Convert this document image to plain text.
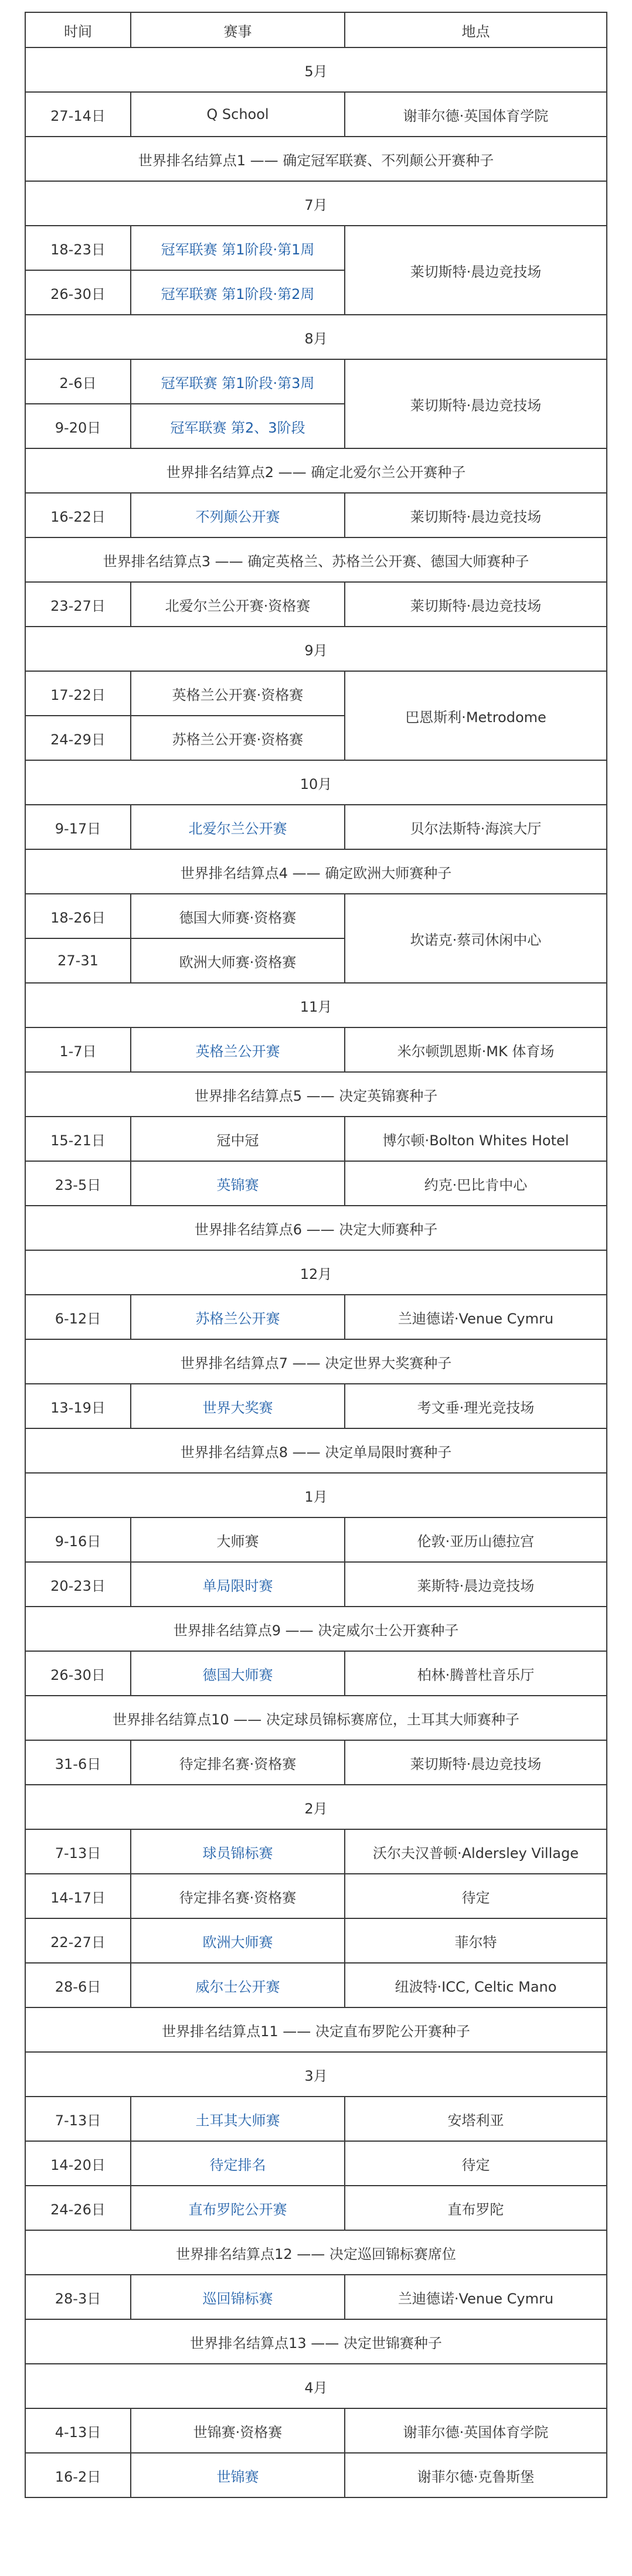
时间	赛事	地点
5月		
27-14日	Q School	谢菲尔德·英国体育学院
世界排名结算点1 —— 确定冠军联赛、不列颠公开赛种子		
7月		
18-23日	冠军联赛 第1阶段·第1周	莱切斯特·晨边竞技场
26-30日	冠军联赛 第1阶段·第2周	
8月		
2-6日	冠军联赛 第1阶段·第3周	莱切斯特·晨边竞技场
9-20日	冠军联赛 第2、3阶段	
世界排名结算点2 —— 确定北爱尔兰公开赛种子		
16-22日	不列颠公开赛	莱切斯特·晨边竞技场
世界排名结算点3 —— 确定英格兰、苏格兰公开赛、德国大师赛种子		
23-27日	北爱尔兰公开赛·资格赛	莱切斯特·晨边竞技场
9月		
17-22日	英格兰公开赛·资格赛	巴恩斯利·Metrodome
24-29日	苏格兰公开赛·资格赛	
10月		
9-17日	北爱尔兰公开赛	贝尔法斯特·海滨大厅
世界排名结算点4 —— 确定欧洲大师赛种子		
18-26日	德国大师赛·资格赛	坎诺克·蔡司休闲中心
27-31	欧洲大师赛·资格赛	
11月		
1-7日	英格兰公开赛	米尔顿凯恩斯·MK 体育场
世界排名结算点5 —— 决定英锦赛种子		
15-21日	冠中冠	博尔顿·Bolton Whites Hotel
23-5日	英锦赛	约克·巴比肯中心
世界排名结算点6 —— 决定大师赛种子		
12月		
6-12日	苏格兰公开赛	兰迪德诺·Venue Cymru
世界排名结算点7 —— 决定世界大奖赛种子		
13-19日	世界大奖赛	考文垂·理光竞技场
世界排名结算点8 —— 决定单局限时赛种子		
1月		
9-16日	大师赛	伦敦·亚历山德拉宫
20-23日	单局限时赛	莱斯特·晨边竞技场
世界排名结算点9 —— 决定威尔士公开赛种子		
26-30日	德国大师赛	柏林·腾普杜音乐厅
世界排名结算点10 —— 决定球员锦标赛席位，土耳其大师赛种子		
31-6日	待定排名赛·资格赛	莱切斯特·晨边竞技场
2月		
7-13日	球员锦标赛	沃尔夫汉普顿·Aldersley Village
14-17日	待定排名赛·资格赛	待定
22-27日	欧洲大师赛	菲尔特
28-6日	威尔士公开赛	纽波特·ICC, Celtic Mano
世界排名结算点11 —— 决定直布罗陀公开赛种子		
3月		
7-13日	土耳其大师赛	安塔利亚
14-20日	待定排名	待定
24-26日	直布罗陀公开赛	直布罗陀
世界排名结算点12 —— 决定巡回锦标赛席位		
28-3日	巡回锦标赛	兰迪德诺·Venue Cymru
世界排名结算点13 —— 决定世锦赛种子		
4月		
4-13日	世锦赛·资格赛	谢菲尔德·英国体育学院
16-2日	世锦赛	谢菲尔德·克鲁斯堡
